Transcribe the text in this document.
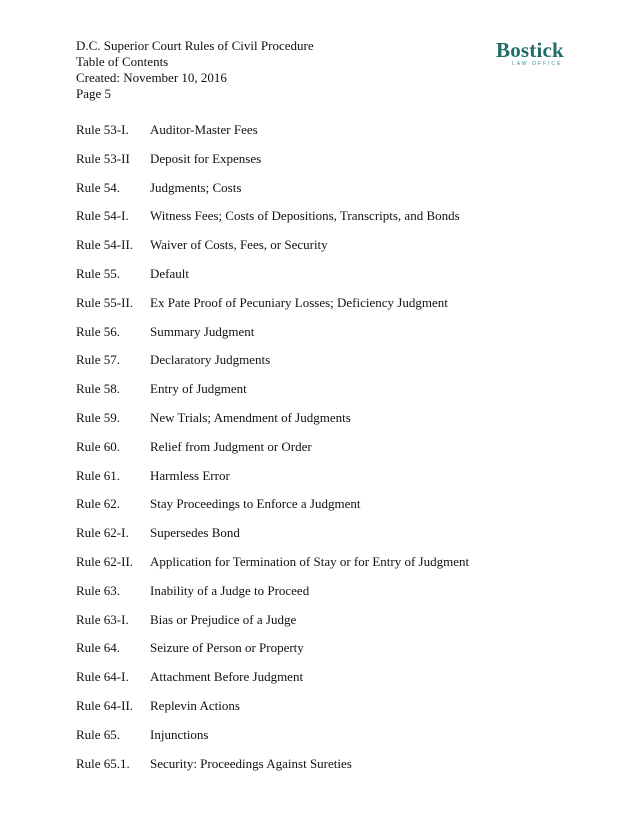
D.C. Superior Court Rules of Civil Procedure
Table of Contents
Created: November 10, 2016
Page 5
Bostick
LAW OFFICE
Rule 53-I.	Auditor-Master Fees
Rule 53-II	Deposit for Expenses
Rule 54.	Judgments; Costs
Rule 54-I.	Witness Fees; Costs of Depositions, Transcripts, and Bonds
Rule 54-II.	Waiver of Costs, Fees, or Security
Rule 55.	Default
Rule 55-II.	Ex Pate Proof of Pecuniary Losses; Deficiency Judgment
Rule 56.	Summary Judgment
Rule 57.	Declaratory Judgments
Rule 58.	Entry of Judgment
Rule 59.	New Trials; Amendment of Judgments
Rule 60.	Relief from Judgment or Order
Rule 61.	Harmless Error
Rule 62.	Stay Proceedings to Enforce a Judgment
Rule 62-I.	Supersedes Bond
Rule 62-II.	Application for Termination of Stay or for Entry of Judgment
Rule 63.	Inability of a Judge to Proceed
Rule 63-I.	Bias or Prejudice of a Judge
Rule 64.	Seizure of Person or Property
Rule 64-I.	Attachment Before Judgment
Rule 64-II.	Replevin Actions
Rule 65.	Injunctions
Rule 65.1.	Security: Proceedings Against Sureties
